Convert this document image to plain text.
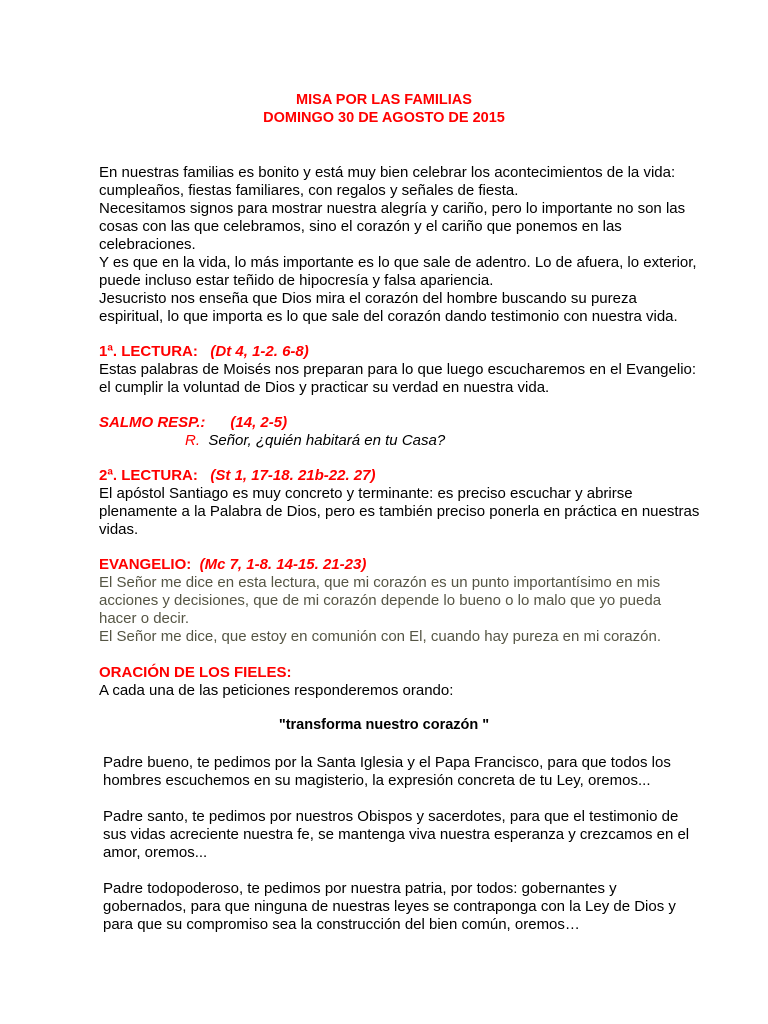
MISA POR LAS FAMILIAS
DOMINGO 30 DE AGOSTO DE 2015
En nuestras familias es bonito y está muy bien celebrar los acontecimientos de la vida:
cumpleaños, fiestas familiares, con regalos y señales de fiesta.
Necesitamos signos para mostrar nuestra alegría y cariño, pero lo importante no son las
cosas con las que celebramos, sino el corazón y el cariño que ponemos en las
celebraciones.
Y es que en la vida, lo más importante es lo que sale de adentro. Lo de afuera, lo exterior,
puede incluso estar teñido de hipocresía y falsa apariencia.
Jesucristo nos enseña que Dios mira el corazón del hombre buscando su pureza
espiritual, lo que importa es lo que sale del corazón dando testimonio con nuestra vida.
1ª. LECTURA: (Dt 4, 1-2. 6-8)
Estas palabras de Moisés nos preparan para lo que luego escucharemos en el Evangelio:
el cumplir la voluntad de Dios y practicar su verdad en nuestra vida.
SALMO RESP.: (14, 2-5)
R. Señor, ¿quién habitará en tu Casa?
2ª. LECTURA: (St 1, 17-18. 21b-22. 27)
El apóstol Santiago es muy concreto y terminante: es preciso escuchar y abrirse
plenamente a la Palabra de Dios, pero es también preciso ponerla en práctica en nuestras
vidas.
EVANGELIO: (Mc 7, 1-8. 14-15. 21-23)
El Señor me dice en esta lectura, que mi corazón es un punto importantísimo en mis
acciones y decisiones, que de mi corazón depende lo bueno o lo malo que yo pueda
hacer o decir.
El Señor me dice, que estoy en comunión con El, cuando hay pureza en mi corazón.
ORACIÓN DE LOS FIELES:
A cada una de las peticiones responderemos orando:
"transforma nuestro corazón "
Padre bueno, te pedimos por la Santa Iglesia y el Papa Francisco, para que todos los
hombres escuchemos en su magisterio, la expresión concreta de tu Ley, oremos...
Padre santo, te pedimos por nuestros Obispos y sacerdotes, para que el testimonio de
sus vidas acreciente nuestra fe, se mantenga viva nuestra esperanza y crezcamos en el
amor, oremos...
Padre todopoderoso, te pedimos por nuestra patria, por todos: gobernantes y
gobernados, para que ninguna de nuestras leyes se contraponga con la Ley de Dios y
para que su compromiso sea la construcción del bien común, oremos…
